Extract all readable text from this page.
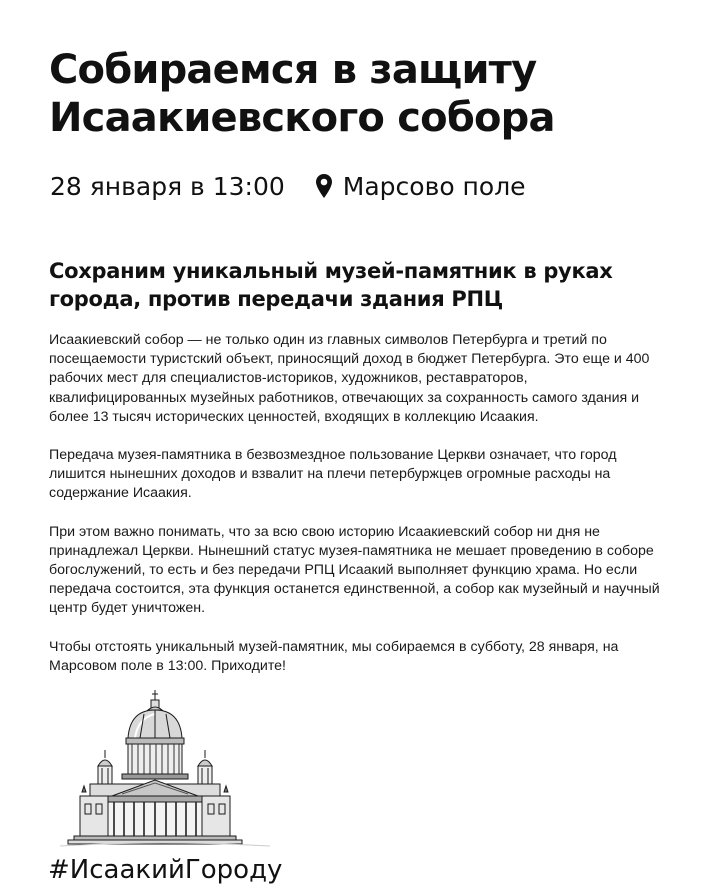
Собираемся в защиту Исаакиевского собора
28 января в 13:00 Марсово поле
Сохраним уникальный музей-памятник в руках города, против передачи здания РПЦ

Исаакиевский собор — не только один из главных символов Петербурга и третий по посещаемости туристский объект, приносящий доход в бюджет Петербурга. Это еще и 400 рабочих мест для специалистов-историков, художников, реставраторов, квалифицированных музейных работников, отвечающих за сохранность самого здания и более 13 тысяч исторических ценностей, входящих в коллекцию Исаакия.

Передача музея-памятника в безвозмездное пользование Церкви означает, что город лишится нынешних доходов и взвалит на плечи петербуржцев огромные расходы на содержание Исаакия.

При этом важно понимать, что за всю свою историю Исаакиевский собор ни дня не принадлежал Церкви. Нынешний статус музея-памятника не мешает проведению в соборе богослужений, то есть и без передачи РПЦ Исаакий выполняет функцию храма. Но если передача состоится, эта функция останется единственной, а собор как музейный и научный центр будет уничтожен.

Чтобы отстоять уникальный музей-памятник, мы собираемся в субботу, 28 января, на Марсовом поле в 13:00. Приходите!

#ИсаакийГороду
